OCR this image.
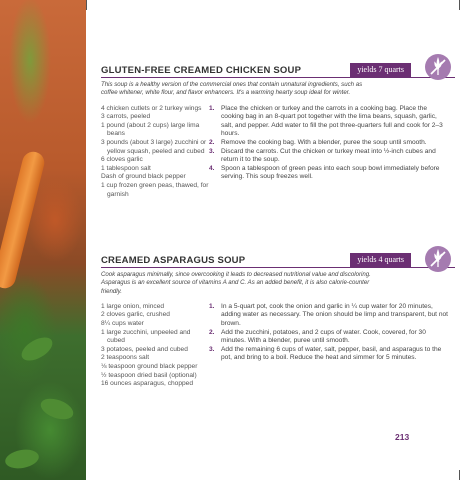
GLUTEN-FREE CREAMED CHICKEN SOUP	yields 7 quarts

This soup is a healthy version of the commercial ones that contain unnatural ingredients, such as coffee whitener, white flour, and flavor enhancers. It's a warming hearty soup ideal for winter.

4 chicken cutlets or 2 turkey wings
3 carrots, peeled
1 pound (about 2 cups) large lima beans
3 pounds (about 3 large) zucchini or yellow squash, peeled and cubed
6 cloves garlic
1 tablespoon salt
Dash of ground black pepper
1 cup frozen green peas, thawed, for garnish
1. Place the chicken or turkey and the carrots in a cooking bag. Place the cooking bag in an 8-quart pot together with the lima beans, squash, garlic, salt, and pepper. Add water to fill the pot three-quarters full and cook for 2–3 hours.
2. Remove the cooking bag. With a blender, puree the soup until smooth.
3. Discard the carrots. Cut the chicken or turkey meat into ½-inch cubes and return it to the soup.
4. Spoon a tablespoon of green peas into each soup bowl immediately before serving. This soup freezes well.
CREAMED ASPARAGUS SOUP	yields 4 quarts

Cook asparagus minimally, since overcooking it leads to decreased nutritional value and discoloring. Asparagus is an excellent source of vitamins A and C. As an added benefit, it is also calorie-counter friendly.

1 large onion, minced
2 cloves garlic, crushed
8¼ cups water
1 large zucchini, unpeeled and cubed
3 potatoes, peeled and cubed
2 teaspoons salt
⅛ teaspoon ground black pepper
½ teaspoon dried basil (optional)
16 ounces asparagus, chopped
1. In a 5-quart pot, cook the onion and garlic in ¼ cup water for 20 minutes, adding water as necessary. The onion should be limp and transparent, but not brown.
2. Add the zucchini, potatoes, and 2 cups of water. Cook, covered, for 30 minutes. With a blender, puree until smooth.
3. Add the remaining 6 cups of water, salt, pepper, basil, and asparagus to the pot, and bring to a boil. Reduce the heat and simmer for 5 minutes.
213
